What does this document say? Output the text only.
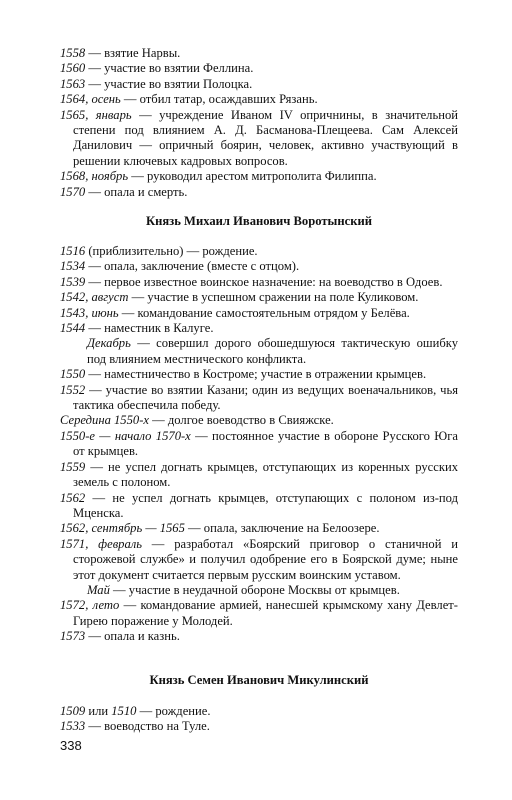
1558 — взятие Нарвы.
1560 — участие во взятии Феллина.
1563 — участие во взятии Полоцка.
1564, осень — отбил татар, осаждавших Рязань.
1565, январь — учреждение Иваном IV опричнины, в значительной степени под влиянием А. Д. Басманова-Плещеева. Сам Алексей Данилович — опричный боярин, человек, активно участвующий в решении ключевых кадровых вопросов.
1568, ноябрь — руководил арестом митрополита Филиппа.
1570 — опала и смерть.
Князь Михаил Иванович Воротынский
1516 (приблизительно) — рождение.
1534 — опала, заключение (вместе с отцом).
1539 — первое известное воинское назначение: на воеводство в Одоев.
1542, август — участие в успешном сражении на поле Куликовом.
1543, июнь — командование самостоятельным отрядом у Белёва.
1544 — наместник в Калуге.
Декабрь — совершил дорого обошедшуюся тактическую ошибку под влиянием местнического конфликта.
1550 — наместничество в Костроме; участие в отражении крымцев.
1552 — участие во взятии Казани; один из ведущих военачальников, чья тактика обеспечила победу.
Середина 1550-х — долгое воеводство в Свияжске.
1550-е — начало 1570-х — постоянное участие в обороне Русского Юга от крымцев.
1559 — не успел догнать крымцев, отступающих из коренных русских земель с полоном.
1562 — не успел догнать крымцев, отступающих с полоном из-под Мценска.
1562, сентябрь — 1565 — опала, заключение на Белоозере.
1571, февраль — разработал «Боярский приговор о станичной и сторожевой службе» и получил одобрение его в Боярской думе; ныне этот документ считается первым русским воинским уставом.
Май — участие в неудачной обороне Москвы от крымцев.
1572, лето — командование армией, нанесшей крымскому хану Девлет-Гирею поражение у Молодей.
1573 — опала и казнь.
Князь Семен Иванович Микулинский
1509 или 1510 — рождение.
1533 — воеводство на Туле.
338
